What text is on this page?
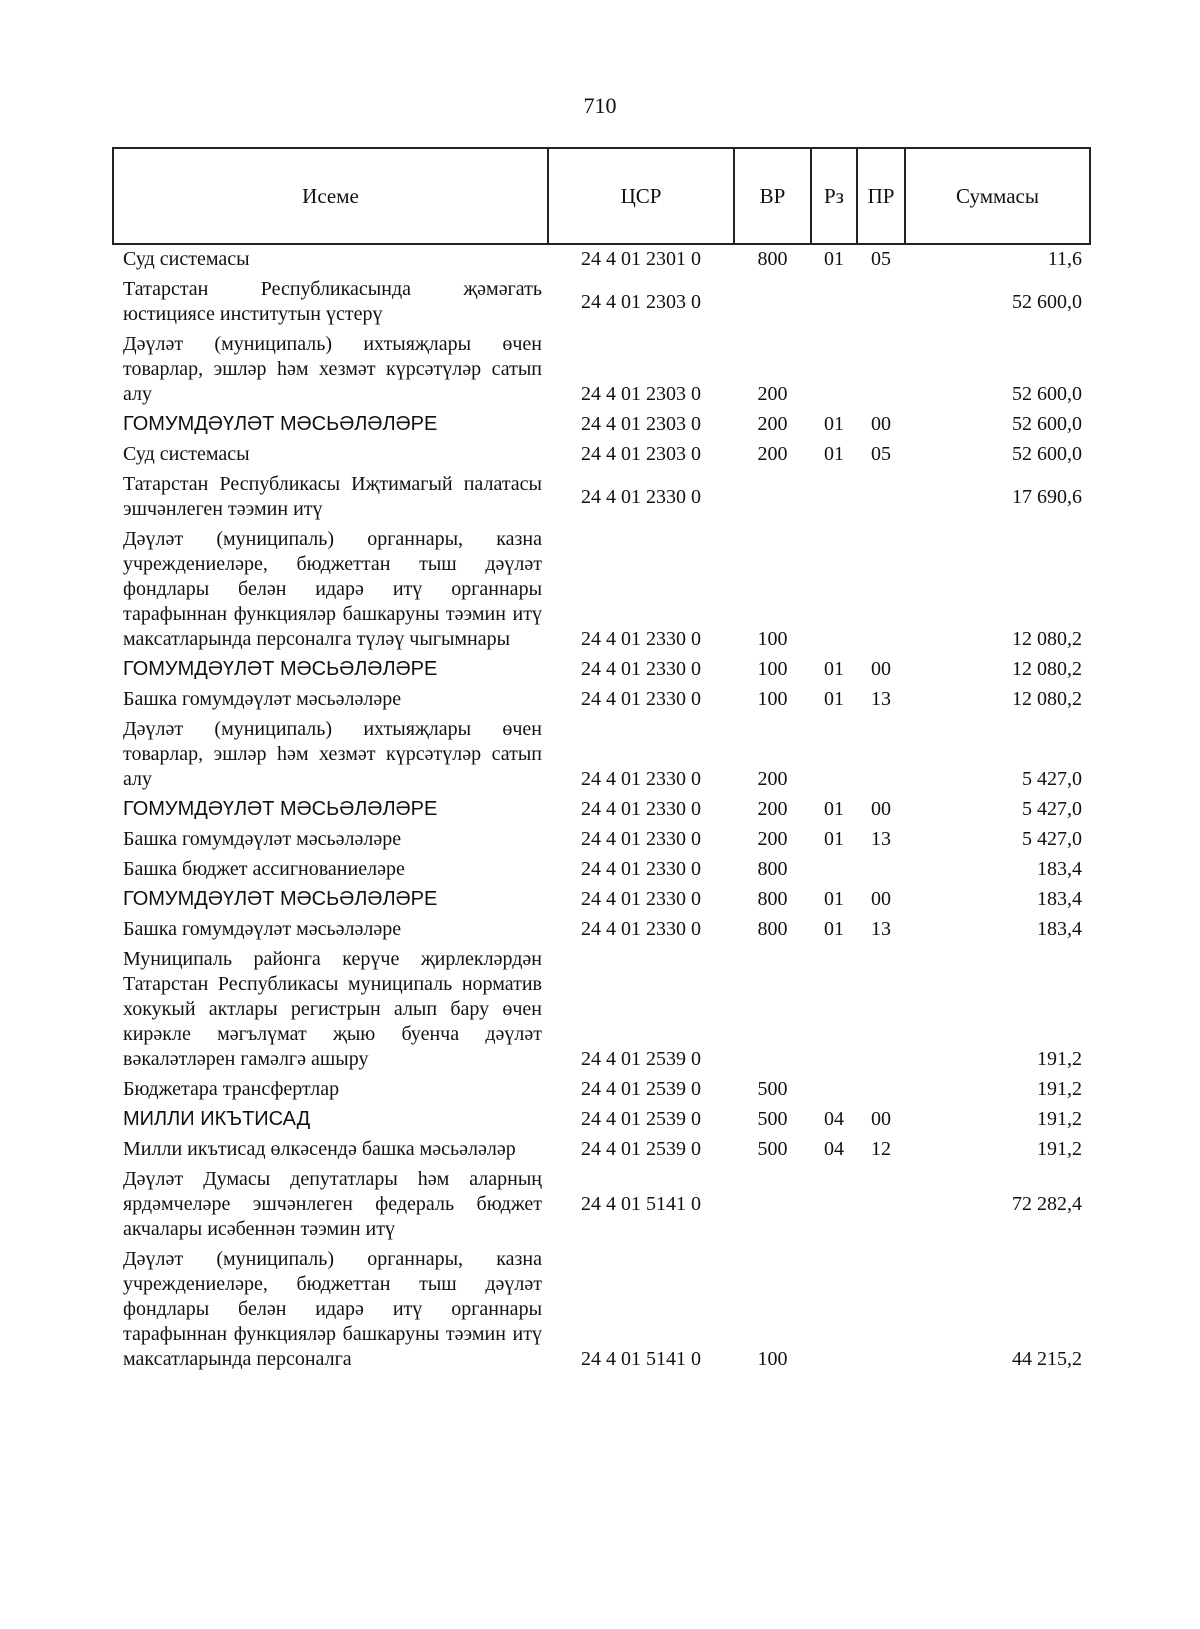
710
Исеме	ЦСР	ВР	Рз	ПР	Суммасы
Суд системасы	24 4 01 2301 0	800	01	05	11,6
Татарстан Республикасында җәмәгать юстициясе институтын үстерү	24 4 01 2303 0				52 600,0
Дәүләт (муниципаль) ихтыяҗлары өчен товарлар, эшләр һәм хезмәт күрсәтүләр сатып алу	24 4 01 2303 0	200			52 600,0
ГОМУМДӘҮЛӘТ МӘСЬӘЛӘЛӘРЕ	24 4 01 2303 0	200	01	00	52 600,0
Суд системасы	24 4 01 2303 0	200	01	05	52 600,0
Татарстан Республикасы Иҗтимагый палатасы эшчәнлеген тәэмин итү	24 4 01 2330 0				17 690,6
Дәүләт (муниципаль) органнары, казна учреждениеләре, бюджеттан тыш дәүләт фондлары белән идарә итү органнары тарафыннан функцияләр башкаруны тәэмин итү максатларында персоналга түләү чыгымнары	24 4 01 2330 0	100			12 080,2
ГОМУМДӘҮЛӘТ МӘСЬӘЛӘЛӘРЕ	24 4 01 2330 0	100	01	00	12 080,2
Башка гомумдәүләт мәсьәләләре	24 4 01 2330 0	100	01	13	12 080,2
Дәүләт (муниципаль) ихтыяҗлары өчен товарлар, эшләр һәм хезмәт күрсәтүләр сатып алу	24 4 01 2330 0	200			5 427,0
ГОМУМДӘҮЛӘТ МӘСЬӘЛӘЛӘРЕ	24 4 01 2330 0	200	01	00	5 427,0
Башка гомумдәүләт мәсьәләләре	24 4 01 2330 0	200	01	13	5 427,0
Башка бюджет ассигнованиеләре	24 4 01 2330 0	800			183,4
ГОМУМДӘҮЛӘТ МӘСЬӘЛӘЛӘРЕ	24 4 01 2330 0	800	01	00	183,4
Башка гомумдәүләт мәсьәләләре	24 4 01 2330 0	800	01	13	183,4
Муниципаль районга керүче җирлекләрдән Татарстан Республикасы муниципаль норматив хокукый актлары регистрын алып бару өчен кирәкле мәгълүмат җыю буенча дәүләт вәкаләтләрен гамәлгә ашыру	24 4 01 2539 0				191,2
Бюджетара трансфертлар	24 4 01 2539 0	500			191,2
МИЛЛИ ИКЪТИСАД	24 4 01 2539 0	500	04	00	191,2
Милли икътисад өлкәсендә башка мәсьәләләр	24 4 01 2539 0	500	04	12	191,2
Дәүләт Думасы депутатлары һәм аларның ярдәмчеләре эшчәнлеген федераль бюджет акчалары исәбеннән тәэмин итү	24 4 01 5141 0				72 282,4
Дәүләт (муниципаль) органнары, казна учреждениеләре, бюджеттан тыш дәүләт фондлары белән идарә итү органнары тарафыннан функцияләр башкаруны тәэмин итү максатларында персоналга	24 4 01 5141 0	100			44 215,2
